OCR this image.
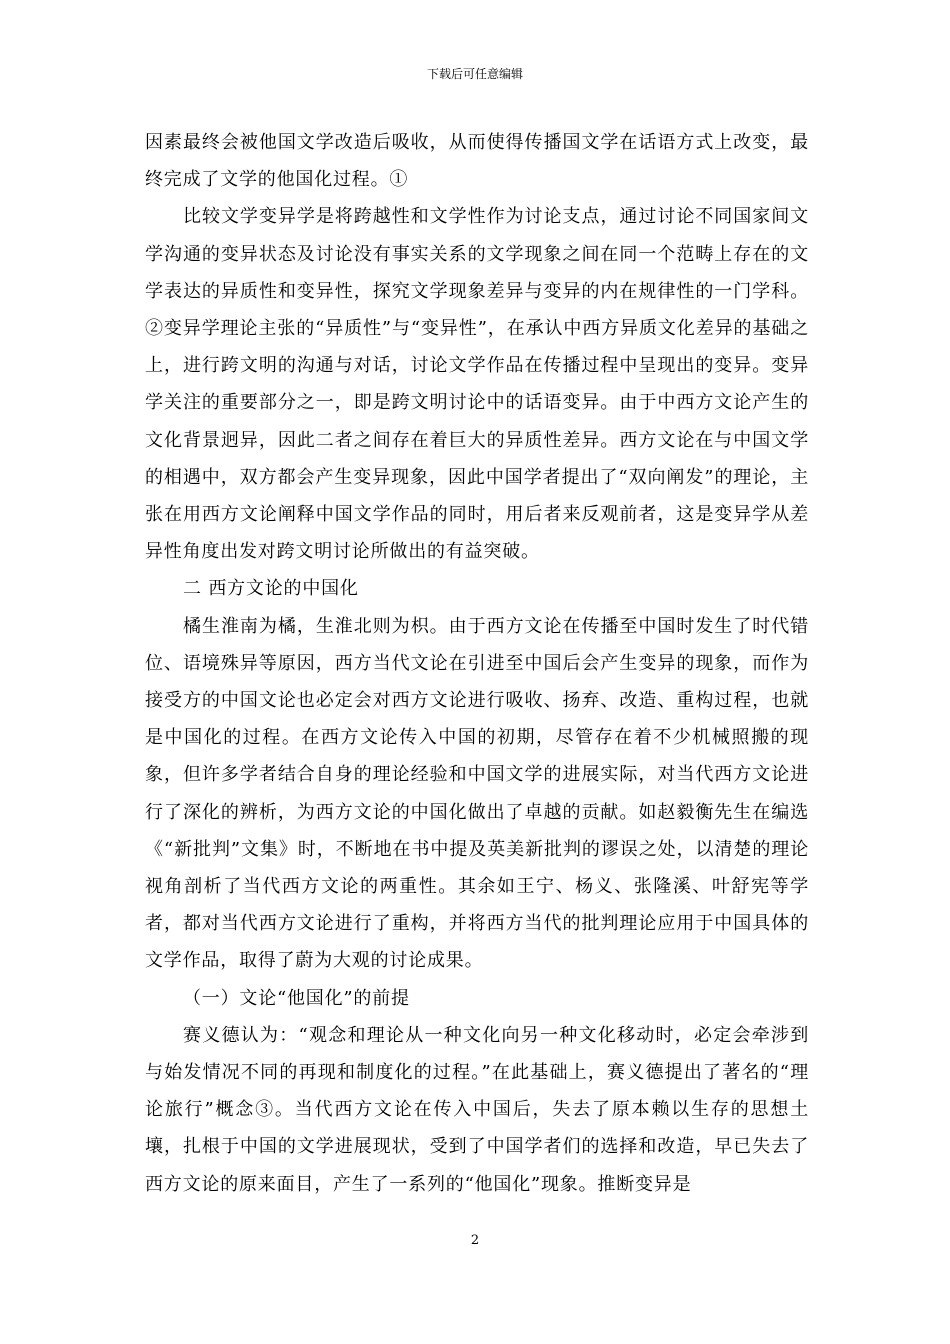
下载后可任意编辑

因素最终会被他国文学改造后吸收，从而使得传播国文学在话语方式上改变，最终完成了文学的他国化过程。①

比较文学变异学是将跨越性和文学性作为讨论支点，通过讨论不同国家间文学沟通的变异状态及讨论没有事实关系的文学现象之间在同一个范畴上存在的文学表达的异质性和变异性，探究文学现象差异与变异的内在规律性的一门学科。②变异学理论主张的“异质性”与“变异性”，在承认中西方异质文化差异的基础之上，进行跨文明的沟通与对话，讨论文学作品在传播过程中呈现出的变异。变异学关注的重要部分之一，即是跨文明讨论中的话语变异。由于中西方文论产生的文化背景迥异，因此二者之间存在着巨大的异质性差异。西方文论在与中国文学的相遇中，双方都会产生变异现象，因此中国学者提出了“双向阐发”的理论，主张在用西方文论阐释中国文学作品的同时，用后者来反观前者，这是变异学从差异性角度出发对跨文明讨论所做出的有益突破。

二 西方文论的中国化

橘生淮南为橘，生淮北则为枳。由于西方文论在传播至中国时发生了时代错位、语境殊异等原因，西方当代文论在引进至中国后会产生变异的现象，而作为接受方的中国文论也必定会对西方文论进行吸收、扬弃、改造、重构过程，也就是中国化的过程。在西方文论传入中国的初期，尽管存在着不少机械照搬的现象，但许多学者结合自身的理论经验和中国文学的进展实际，对当代西方文论进行了深化的辨析，为西方文论的中国化做出了卓越的贡献。如赵毅衡先生在编选《“新批判”文集》时，不断地在书中提及英美新批判的谬误之处，以清楚的理论视角剖析了当代西方文论的两重性。其余如王宁、杨义、张隆溪、叶舒宪等学者，都对当代西方文论进行了重构，并将西方当代的批判理论应用于中国具体的文学作品，取得了蔚为大观的讨论成果。

（一）文论“他国化”的前提

赛义德认为：“观念和理论从一种文化向另一种文化移动时，必定会牵涉到与始发情况不同的再现和制度化的过程。”在此基础上，赛义德提出了著名的“理论旅行”概念③。当代西方文论在传入中国后，失去了原本赖以生存的思想土壤，扎根于中国的文学进展现状，受到了中国学者们的选择和改造，早已失去了西方文论的原来面目，产生了一系列的“他国化”现象。推断变异是

2
